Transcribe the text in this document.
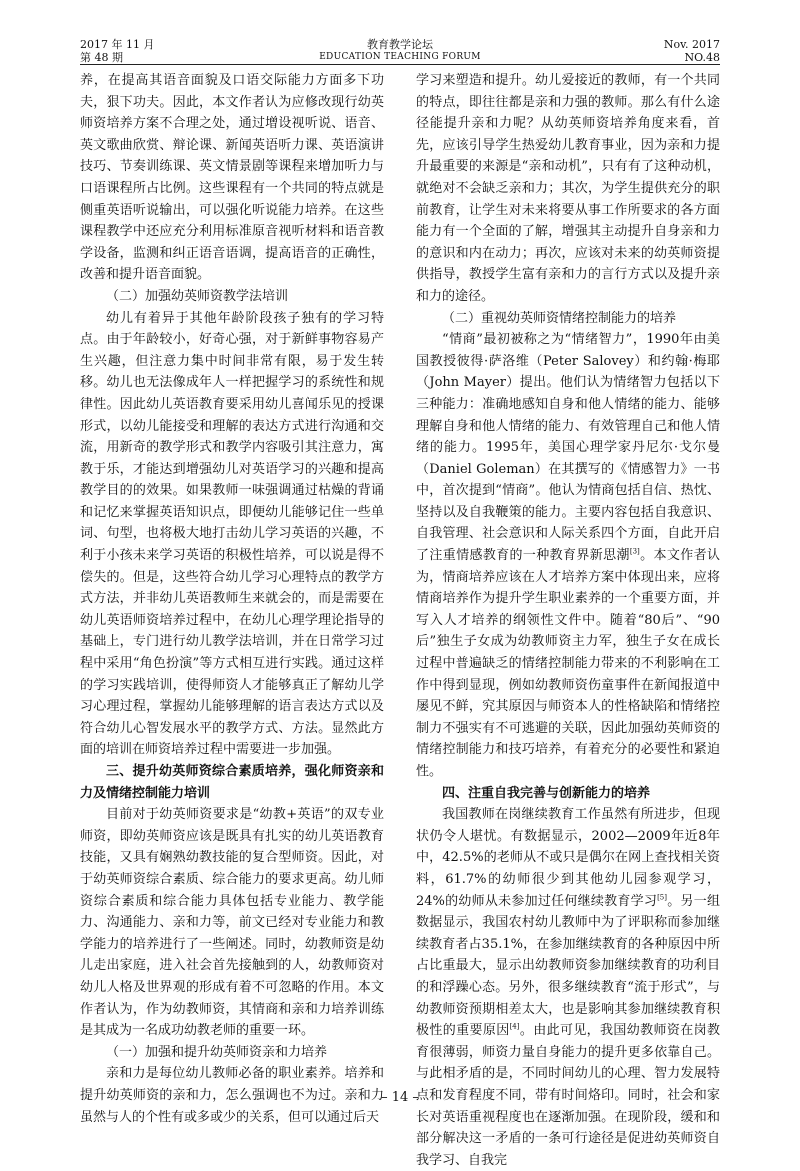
2017 年 11 月
第 48 期
教育教学论坛
EDUCATION TEACHING FORUM
Nov. 2017
NO.48

养，在提高其语音面貌及口语交际能力方面多下功夫，狠下功夫。因此，本文作者认为应修改现行幼英师资培养方案不合理之处，通过增设视听说、语音、英文歌曲欣赏、辩论课、新闻英语听力课、英语演讲技巧、节奏训练课、英文情景剧等课程来增加听力与口语课程所占比例。这些课程有一个共同的特点就是侧重英语听说输出，可以强化听说能力培养。在这些课程教学中还应充分利用标准原音视听材料和语音教学设备，监测和纠正语音语调，提高语音的正确性，改善和提升语音面貌。

（二）加强幼英师资教学法培训

幼儿有着异于其他年龄阶段孩子独有的学习特点。由于年龄较小，好奇心强，对于新鲜事物容易产生兴趣，但注意力集中时间非常有限，易于发生转移。幼儿也无法像成年人一样把握学习的系统性和规律性。因此幼儿英语教育要采用幼儿喜闻乐见的授课形式，以幼儿能接受和理解的表达方式进行沟通和交流，用新奇的教学形式和教学内容吸引其注意力，寓教于乐，才能达到增强幼儿对英语学习的兴趣和提高教学目的的效果。如果教师一味强调通过枯燥的背诵和记忆来掌握英语知识点，即便幼儿能够记住一些单词、句型，也将极大地打击幼儿学习英语的兴趣，不利于小孩未来学习英语的积极性培养，可以说是得不偿失的。但是，这些符合幼儿学习心理特点的教学方式方法，并非幼儿英语教师生来就会的，而是需要在幼儿英语师资培养过程中，在幼儿心理学理论指导的基础上，专门进行幼儿教学法培训，并在日常学习过程中采用“角色扮演”等方式相互进行实践。通过这样的学习实践培训，使得师资人才能够真正了解幼儿学习心理过程，掌握幼儿能够理解的语言表达方式以及符合幼儿心智发展水平的教学方式、方法。显然此方面的培训在师资培养过程中需要进一步加强。

三、提升幼英师资综合素质培养，强化师资亲和力及情绪控制能力培训

目前对于幼英师资要求是“幼教+英语”的双专业师资，即幼英师资应该是既具有扎实的幼儿英语教育技能，又具有娴熟幼教技能的复合型师资。因此，对于幼英师资综合素质、综合能力的要求更高。幼儿师资综合素质和综合能力具体包括专业能力、教学能力、沟通能力、亲和力等，前文已经对专业能力和教学能力的培养进行了一些阐述。同时，幼教师资是幼儿走出家庭，进入社会首先接触到的人，幼教师资对幼儿人格及世界观的形成有着不可忽略的作用。本文作者认为，作为幼教师资，其情商和亲和力培养训练是其成为一名成功幼教老师的重要一环。

（一）加强和提升幼英师资亲和力培养

亲和力是每位幼儿教师必备的职业素养。培养和提升幼英师资的亲和力，怎么强调也不为过。亲和力虽然与人的个性有或多或少的关系，但可以通过后天

学习来塑造和提升。幼儿爱接近的教师，有一个共同的特点，即往往都是亲和力强的教师。那么有什么途径能提升亲和力呢？从幼英师资培养角度来看，首先，应该引导学生热爱幼儿教育事业，因为亲和力提升最重要的来源是“亲和动机”，只有有了这种动机，就绝对不会缺乏亲和力；其次，为学生提供充分的职前教育，让学生对未来将要从事工作所要求的各方面能力有一个全面的了解，增强其主动提升自身亲和力的意识和内在动力；再次，应该对未来的幼英师资提供指导，教授学生富有亲和力的言行方式以及提升亲和力的途径。

（二）重视幼英师资情绪控制能力的培养

“情商”最初被称之为“情绪智力”，1990年由美国教授彼得·萨洛维（Peter Salovey）和约翰·梅耶（John Mayer）提出。他们认为情绪智力包括以下三种能力：准确地感知自身和他人情绪的能力、能够理解自身和他人情绪的能力、有效管理自己和他人情绪的能力。1995年，美国心理学家丹尼尔·戈尔曼（Daniel Goleman）在其撰写的《情感智力》一书中，首次提到“情商”。他认为情商包括自信、热忱、坚持以及自我鞭策的能力。主要内容包括自我意识、自我管理、社会意识和人际关系四个方面，自此开启了注重情感教育的一种教育界新思潮[3]。本文作者认为，情商培养应该在人才培养方案中体现出来，应将情商培养作为提升学生职业素养的一个重要方面，并写入人才培养的纲领性文件中。随着“80后”、“90后”独生子女成为幼教师资主力军，独生子女在成长过程中普遍缺乏的情绪控制能力带来的不利影响在工作中得到显现，例如幼教师资伤童事件在新闻报道中屡见不鲜，究其原因与师资本人的性格缺陷和情绪控制力不强实有不可逃避的关联，因此加强幼英师资的情绪控制能力和技巧培养，有着充分的必要性和紧迫性。

四、注重自我完善与创新能力的培养

我国教师在岗继续教育工作虽然有所进步，但现状仍令人堪忧。有数据显示，2002—2009年近8年中，42.5%的老师从不或只是偶尔在网上查找相关资料，61.7%的幼师很少到其他幼儿园参观学习，24%的幼师从未参加过任何继续教育学习[5]。另一组数据显示，我国农村幼儿教师中为了评职称而参加继续教育者占35.1%，在参加继续教育的各种原因中所占比重最大，显示出幼教师资参加继续教育的功利目的和浮躁心态。另外，很多继续教育“流于形式”，与幼教师资预期相差太大，也是影响其参加继续教育积极性的重要原因[4]。由此可见，我国幼教师资在岗教育很薄弱，师资力量自身能力的提升更多依靠自己。与此相矛盾的是，不同时间幼儿的心理、智力发展特点和发育程度不同，带有时间烙印。同时，社会和家长对英语重视程度也在逐渐加强。在现阶段，缓和和部分解决这一矛盾的一条可行途径是促进幼英师资自我学习、自我完

– 14 –
